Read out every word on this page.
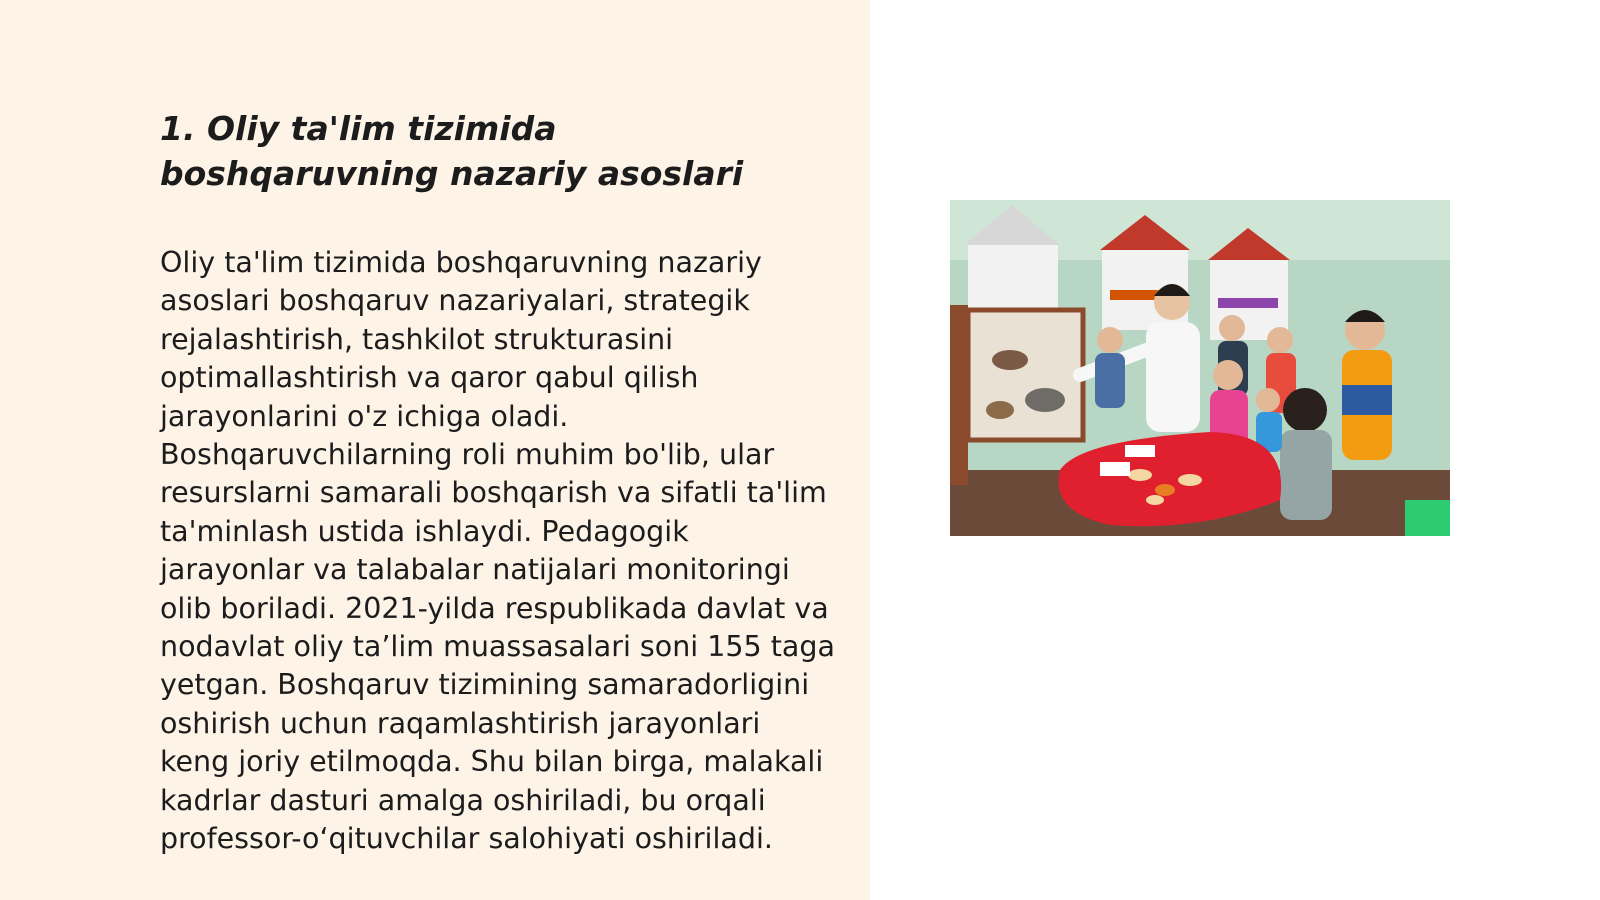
1. Oliy ta'lim tizimida boshqaruvning nazariy asoslari

Oliy ta'lim tizimida boshqaruvning nazariy asoslari boshqaruv nazariyalari, strategik rejalashtirish, tashkilot strukturasini optimallashtirish va qaror qabul qilish jarayonlarini o'z ichiga oladi. Boshqaruvchilarning roli muhim bo'lib, ular resurslarni samarali boshqarish va sifatli ta'lim ta'minlash ustida ishlaydi. Pedagogik jarayonlar va talabalar natijalari monitoringi olib boriladi. 2021-yilda respublikada davlat va nodavlat oliy ta’lim muassasalari soni 155 taga yetgan. Boshqaruv tizimining samaradorligini oshirish uchun raqamlashtirish jarayonlari keng joriy etilmoqda. Shu bilan birga, malakali kadrlar dasturi amalga oshiriladi, bu orqali professor-o‘qituvchilar salohiyati oshiriladi.
